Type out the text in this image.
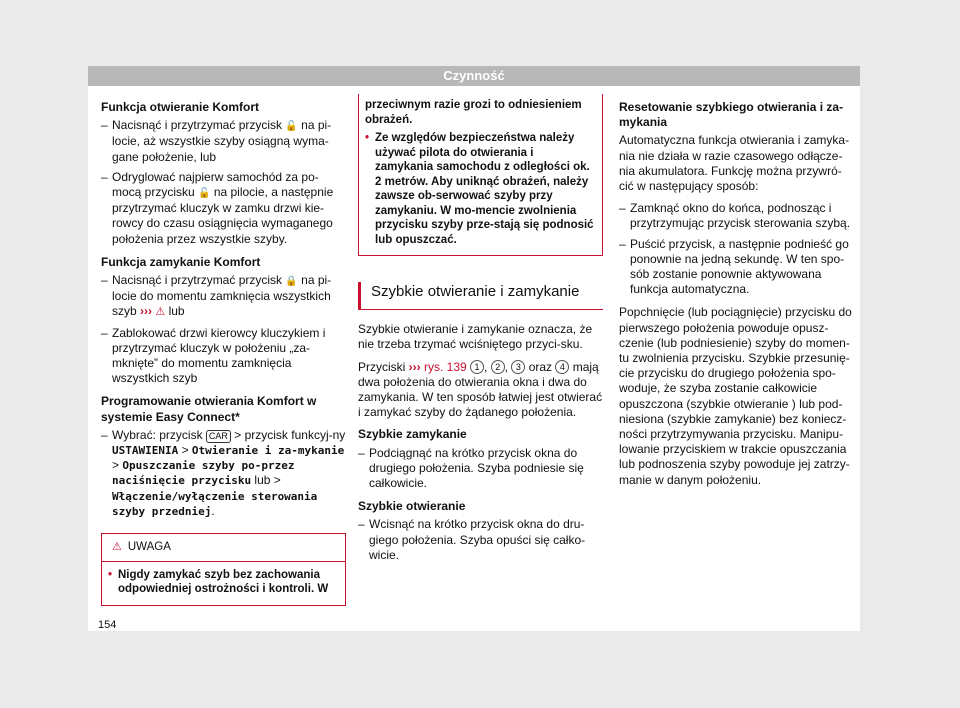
Czynność
Funkcja otwieranie Komfort
– Nacisnąć i przytrzymać przycisk 🔓 na pi-locie, aż wszystkie szyby osiągną wyma-gane położenie, lub
– Odryglować najpierw samochód za po-mocą przycisku 🔓 na pilocie, a następnie przytrzymać kluczyk w zamku drzwi kie-rowcy do czasu osiągnięcia wymaganego położenia przez wszystkie szyby.
Funkcja zamykanie Komfort
– Nacisnąć i przytrzymać przycisk 🔒 na pi-locie do momentu zamknięcia wszystkich szyb ››› ⚠ lub
– Zablokować drzwi kierowcy kluczykiem i przytrzymać kluczyk w położeniu „za-mknięte” do momentu zamknięcia wszystkich szyb
Programowanie otwierania Komfort w systemie Easy Connect*
– Wybrać: przycisk CAR > przycisk funkcyj-ny USTAWIENIA > Otwieranie i za-mykanie > Opuszczanie szyby po-przez naciśnięcie przycisku lub > Włączenie/wyłączenie sterowania szyby przedniej.
⚠ UWAGA
• Nigdy zamykać szyb bez zachowania odpowiedniej ostrożności i kontroli. W
przeciwnym razie grozi to odniesieniem obrażeń.
• Ze względów bezpieczeństwa należy używać pilota do otwierania i zamykania samochodu z odległości ok. 2 metrów. Aby uniknąć obrażeń, należy zawsze ob-serwować szyby przy zamykaniu. W mo-mencie zwolnienia przycisku szyby prze-stają się podnosić lub opuszczać.
Szybkie otwieranie i zamykanie

Szybkie otwieranie i zamykanie oznacza, że nie trzeba trzymać wciśniętego przyci-sku.

Przyciski ››› rys. 139 1 , 2 , 3 oraz 4 mają dwa położenia do otwierania okna i dwa do zamykania. W ten sposób łatwiej jest otwierać i zamykać szyby do żądanego położenia.

Szybkie zamykanie
– Podciągnąć na krótko przycisk okna do drugiego położenia. Szyba podniesie się całkowicie.
Szybkie otwieranie
– Wcisnąć na krótko przycisk okna do dru-giego położenia. Szyba opuści się całko-wicie.
Resetowanie szybkiego otwierania i za-mykania

Automatyczna funkcja otwierania i zamyka-nia nie działa w razie czasowego odłącze-nia akumulatora. Funkcję można przywró-cić w następujący sposób:

– Zamknąć okno do końca, podnosząc i przytrzymując przycisk sterowania szybą.
– Puścić przycisk, a następnie podnieść go ponownie na jedną sekundę. W ten spo-sób zostanie ponownie aktywowana funkcja automatyczna.

Popchnięcie (lub pociągnięcie) przycisku do pierwszego położenia powoduje opusz-czenie (lub podniesienie) szyby do momen-tu zwolnienia przycisku. Szybkie przesunię-cie przycisku do drugiego położenia spo-woduje, że szyba zostanie całkowicie opuszczona (szybkie otwieranie ) lub pod-niesiona (szybkie zamykanie) bez koniecz-ności przytrzymywania przycisku. Manipu-lowanie przyciskiem w trakcie opuszczania lub podnoszenia szyby powoduje jej zatrzy-manie w danym położeniu.

154
